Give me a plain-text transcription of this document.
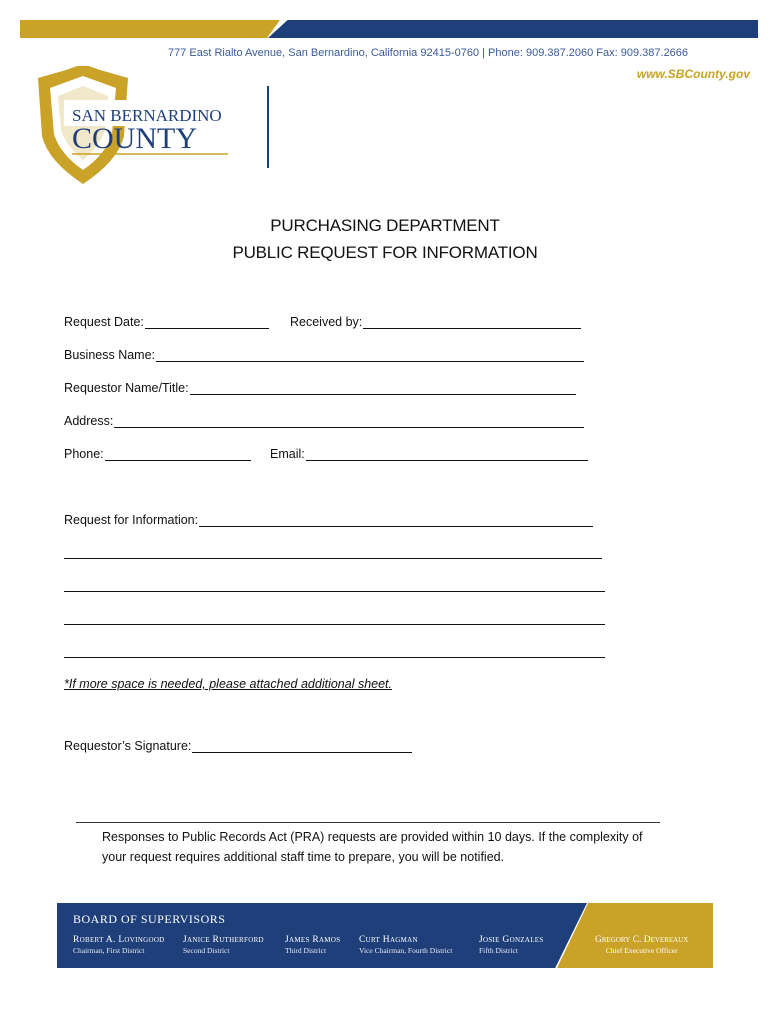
777 East Rialto Avenue, San Bernardino, California 92415-0760 | Phone: 909.387.2060 Fax: 909.387.2666
www.SBCounty.gov
SAN BERNARDINO
COUNTY
PURCHASING DEPARTMENT
PUBLIC REQUEST FOR INFORMATION
Request Date:	Received by:
Business Name:
Requestor Name/Title:
Address:
Phone:	Email:
Request for Information:
*If more space is needed, please attached additional sheet.
Requestor’s Signature:
Responses to Public Records Act (PRA) requests are provided within 10 days. If the complexity of
your request requires additional staff time to prepare, you will be notified.
BOARD OF SUPERVISORS
Robert A. Lovingood
Chairman, First District
Janice Rutherford
Second District
James Ramos
Third District
Curt Hagman
Vice Chairman, Fourth District
Josie Gonzales
Fifth District
Gregory C. Devereaux
Chief Executive Officer
